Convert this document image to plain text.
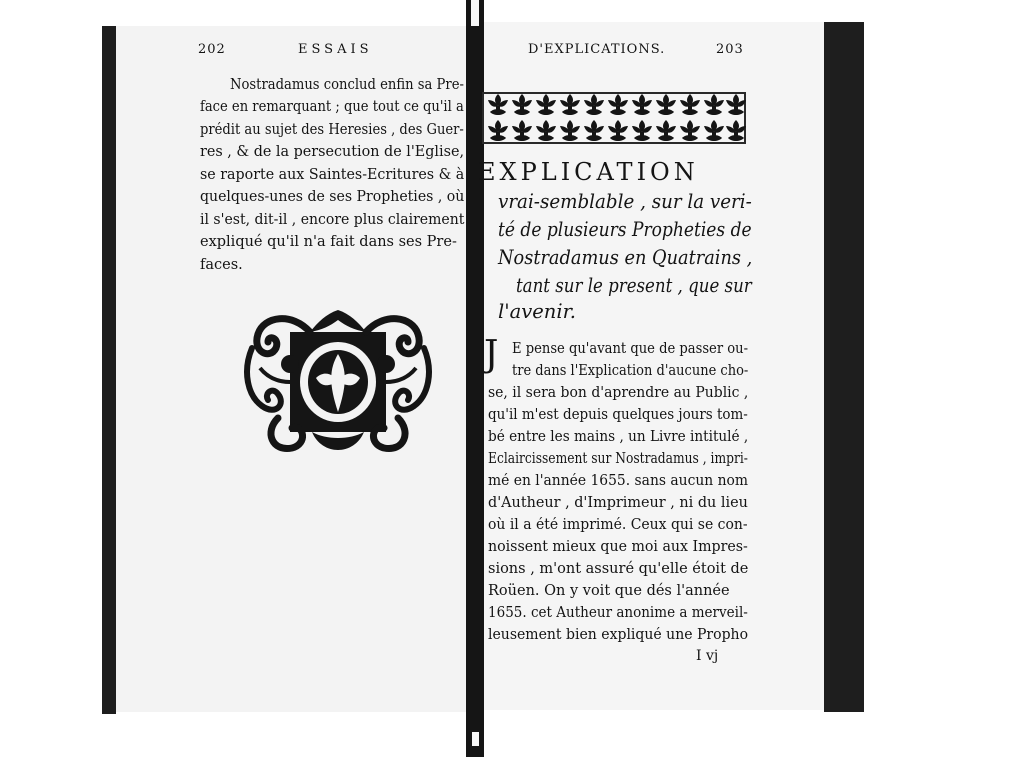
202	ESSAIS
Nostradamus conclud enfin sa Pre-
face en remarquant ; que tout ce qu'il a
prédit au sujet des Heresies , des Guer-
res , & de la persecution de l'Eglise,
se raporte aux Saintes-Ecritures & à
quelques-unes de ses Propheties , où
il s'est, dit-il , encore plus clairement
expliqué qu'il n'a fait dans ses Pre-
faces.
D'EXPLICATIONS.	203
EXPLICATION
vrai-semblable , sur la veri-
té de plusieurs Propheties de
Nostradamus en Quatrains ,
tant sur le present , que sur
l'avenir.
J E pense qu'avant que de passer ou-
tre dans l'Explication d'aucune cho-
se, il sera bon d'aprendre au Public ,
qu'il m'est depuis quelques jours tom-
bé entre les mains , un Livre intitulé ,
Eclaircissement sur Nostradamus , impri-
mé en l'année 1655. sans aucun nom
d'Autheur , d'Imprimeur , ni du lieu
où il a été imprimé. Ceux qui se con-
noissent mieux que moi aux Impres-
sions , m'ont assuré qu'elle étoit de
Roüen. On y voit que dés l'année
1655. cet Autheur anonime a merveil-
leusement bien expliqué une Propho
I vj
